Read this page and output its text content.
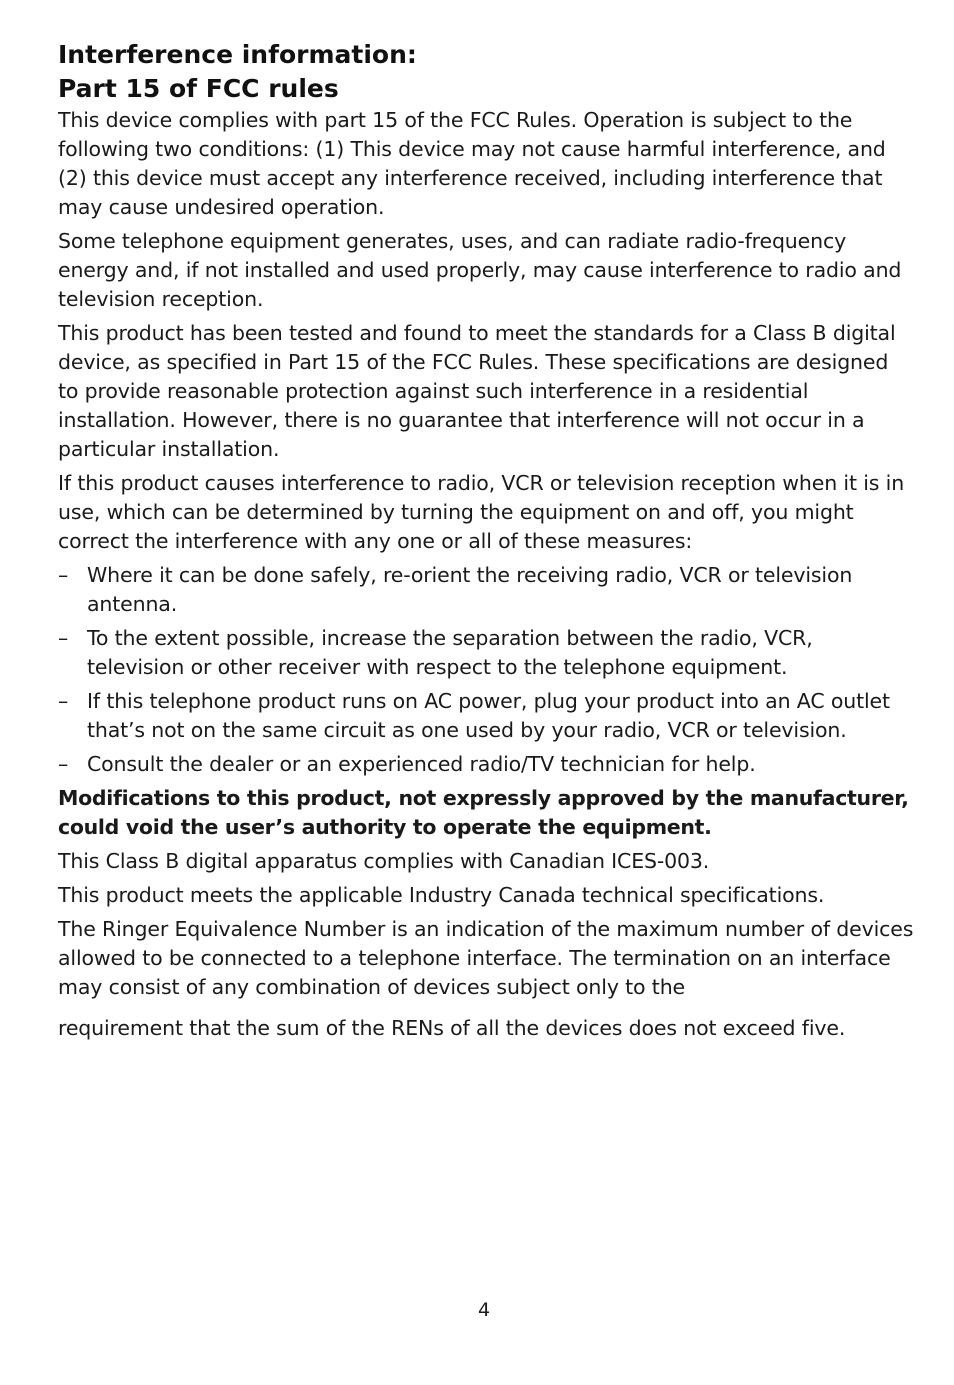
Interference information:
Part 15 of FCC rules

This device complies with part 15 of the FCC Rules. Operation is subject to the following two conditions: (1) This device may not cause harmful interference, and (2) this device must accept any interference received, including interference that may cause undesired operation.

Some telephone equipment generates, uses, and can radiate radio-frequency energy and, if not installed and used properly, may cause interference to radio and television reception.

This product has been tested and found to meet the standards for a Class B digital device, as specified in Part 15 of the FCC Rules. These specifications are designed to provide reasonable protection against such interference in a residential installation. However, there is no guarantee that interference will not occur in a particular installation.

If this product causes interference to radio, VCR or television reception when it is in use, which can be determined by turning the equipment on and off, you might correct the interference with any one or all of these measures:

– Where it can be done safely, re-orient the receiving radio, VCR or television antenna.
– To the extent possible, increase the separation between the radio, VCR, television or other receiver with respect to the telephone equipment.
– If this telephone product runs on AC power, plug your product into an AC outlet that’s not on the same circuit as one used by your radio, VCR or television.
– Consult the dealer or an experienced radio/TV technician for help.

Modifications to this product, not expressly approved by the manufacturer, could void the user’s authority to operate the equipment.

This Class B digital apparatus complies with Canadian ICES-003.

This product meets the applicable Industry Canada technical specifications.

The Ringer Equivalence Number is an indication of the maximum number of devices allowed to be connected to a telephone interface. The termination on an interface may consist of any combination of devices subject only to the

requirement that the sum of the RENs of all the devices does not exceed five.

4
